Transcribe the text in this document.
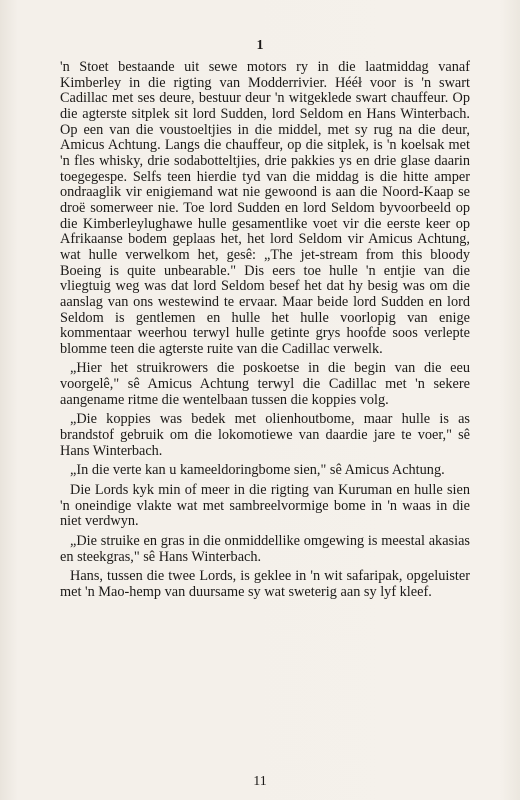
1

'n Stoet bestaande uit sewe motors ry in die laatmiddag vanaf Kimberley in die rigting van Modderrivier. Hééł voor is 'n swart Cadillac met ses deure, bestuur deur 'n witgeklede swart chauffeur. Op die agterste sitplek sit lord Sudden, lord Seldom en Hans Winterbach. Op een van die voustoeltjies in die middel, met sy rug na die deur, Amicus Achtung. Langs die chauffeur, op die sitplek, is 'n koelsak met 'n fles whisky, drie sodabotteltjies, drie pakkies ys en drie glase daarin toegegespe. Selfs teen hierdie tyd van die middag is die hitte amper ondraaglik vir enigiemand wat nie gewoond is aan die Noord-Kaap se droë somerweer nie. Toe lord Sudden en lord Seldom byvoorbeeld op die Kimberleylughawe hulle gesamentlike voet vir die eerste keer op Afrikaanse bodem geplaas het, het lord Seldom vir Amicus Achtung, wat hulle verwelkom het, gesê: „The jet-stream from this bloody Boeing is quite unbearable." Dis eers toe hulle 'n entjie van die vliegtuig weg was dat lord Seldom besef het dat hy besig was om die aanslag van ons westewind te ervaar. Maar beide lord Sudden en lord Seldom is gentlemen en hulle het hulle voorlopig van enige kommentaar weerhou terwyl hulle getinte grys hoofde soos verlepte blomme teen die agterste ruite van die Cadillac verwelk.

„Hier het struikrowers die poskoetse in die begin van die eeu voorgelê," sê Amicus Achtung terwyl die Cadillac met 'n sekere aangename ritme die wentelbaan tussen die koppies volg.

„Die koppies was bedek met olienhoutbome, maar hulle is as brandstof gebruik om die lokomotiewe van daardie jare te voer," sê Hans Winterbach.

„In die verte kan u kameeldoringbome sien," sê Amicus Achtung.

Die Lords kyk min of meer in die rigting van Kuruman en hulle sien 'n oneindige vlakte wat met sambreelvormige bome in 'n waas in die niet verdwyn.

„Die struike en gras in die onmiddellike omgewing is meestal akasias en steekgras," sê Hans Winterbach.

Hans, tussen die twee Lords, is geklee in 'n wit safaripak, opgeluister met 'n Mao-hemp van duursame sy wat sweterig aan sy lyf kleef.

11
